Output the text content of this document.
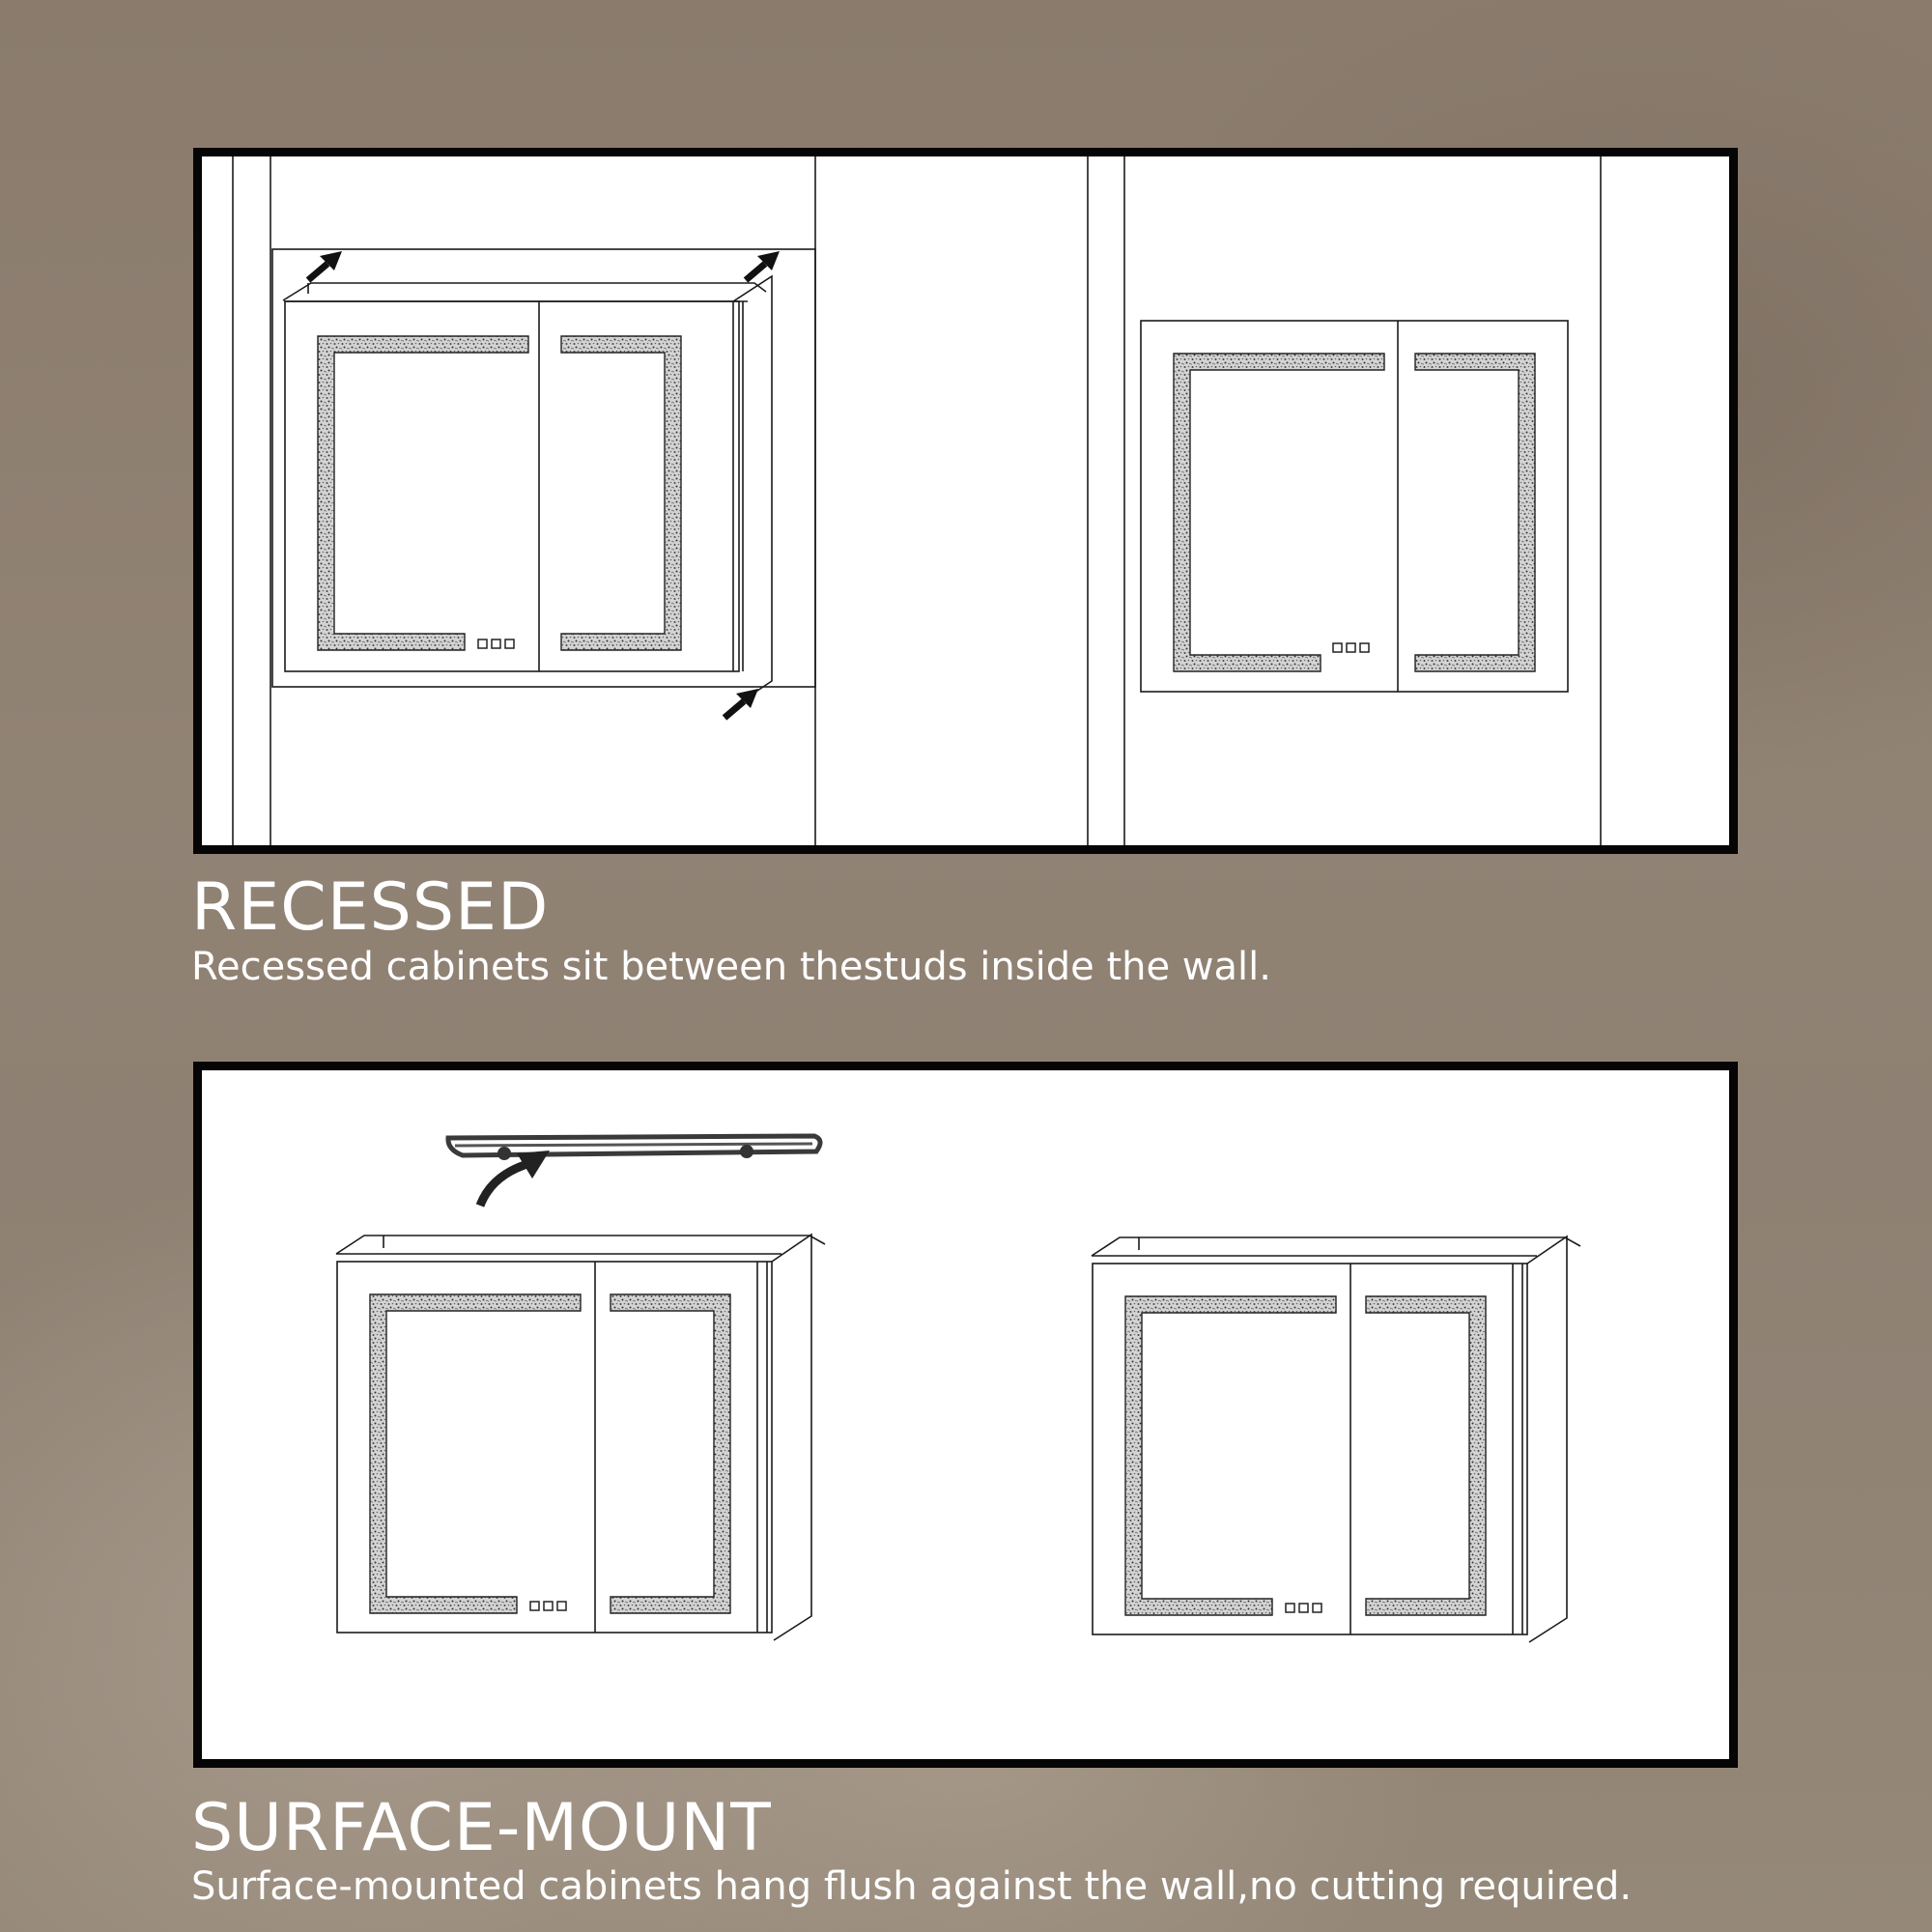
RECESSED

Recessed cabinets sit between thestuds inside the wall.

SURFACE-MOUNT

Surface-mounted cabinets hang flush against the wall,no cutting required.
